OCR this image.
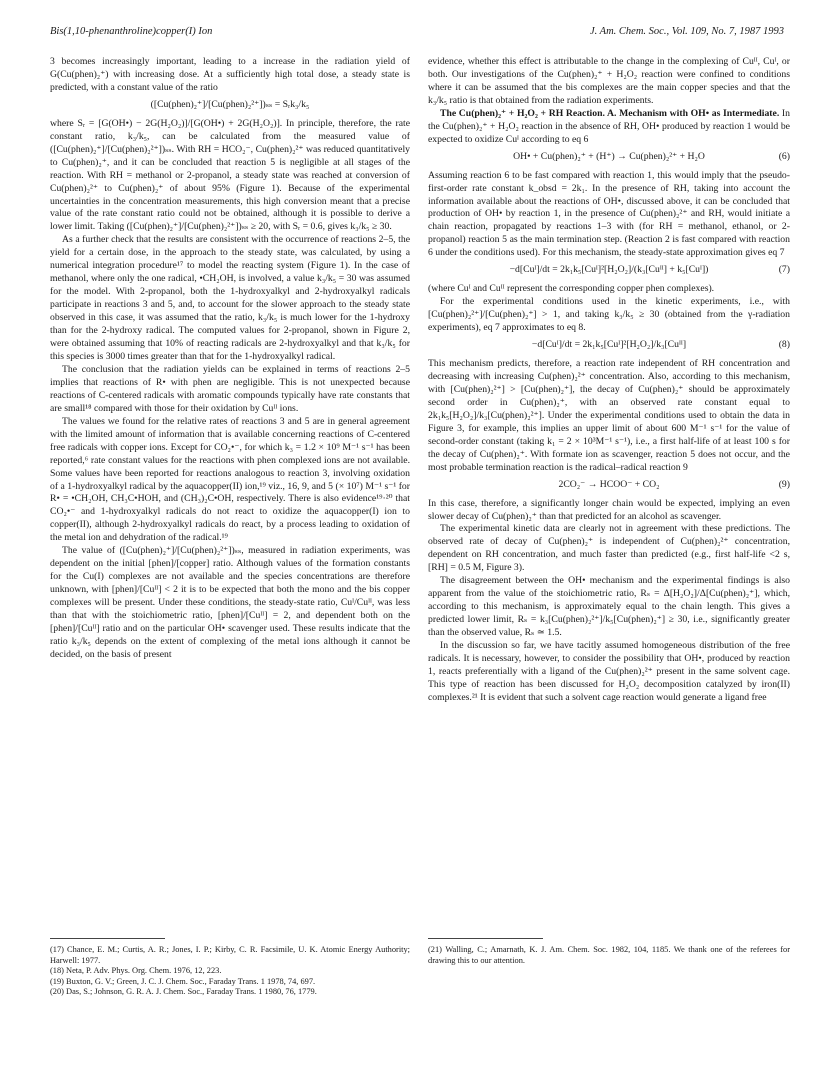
Bis(1,10-phenanthroline)copper(I) Ion	J. Am. Chem. Soc., Vol. 109, No. 7, 1987 1993

3 becomes increasingly important, leading to a increase in the radiation yield of G(Cu(phen)₂⁺) with increasing dose. At a sufficiently high total dose, a steady state is predicted, with a constant value of the ratio

([Cu(phen)₂⁺]/[Cu(phen)₂²⁺])ₛₛ = Sᵣk₃/k₅

where Sᵣ = [G(OH•) − 2G(H₂O₂)]/[G(OH•) + 2G(H₂O₂)]. In principle, therefore, the rate constant ratio, k₃/k₅, can be calculated from the measured value of ([Cu(phen)₂⁺]/[Cu(phen)₂²⁺])ₛₛ. With RH = HCO₂⁻, Cu(phen)₂²⁺ was reduced quantitatively to Cu(phen)₂⁺, and it can be concluded that reaction 5 is negligible at all stages of the reaction. With RH = methanol or 2-propanol, a steady state was reached at conversion of Cu(phen)₂²⁺ to Cu(phen)₂⁺ of about 95% (Figure 1). Because of the experimental uncertainties in the concentration measurements, this high conversion meant that a precise value of the rate constant ratio could not be obtained, although it is possible to derive a lower limit. Taking ([Cu(phen)₂⁺]/[Cu(phen)₂²⁺])ₛₛ ≥ 20, with Sᵣ = 0.6, gives k₃/k₅ ≥ 30.

As a further check that the results are consistent with the occurrence of reactions 2–5, the yield for a certain dose, in the approach to the steady state, was calculated, by using a numerical integration procedure¹⁷ to model the reacting system (Figure 1). In the case of methanol, where only the one radical, •CH₂OH, is involved, a value k₃/k₅ = 30 was assumed for the model. With 2-propanol, both the 1-hydroxyalkyl and 2-hydroxyalkyl radicals participate in reactions 3 and 5, and, to account for the slower approach to the steady state observed in this case, it was assumed that the ratio, k₃/k₅ is much lower for the 1-hydroxy than for the 2-hydroxy radical. The computed values for 2-propanol, shown in Figure 2, were obtained assuming that 10% of reacting radicals are 2-hydroxyalkyl and that k₃/k₅ for this species is 3000 times greater than that for the 1-hydroxyalkyl radical.

The conclusion that the radiation yields can be explained in terms of reactions 2–5 implies that reactions of R• with phen are negligible. This is not unexpected because reactions of C-centered radicals with aromatic compounds typically have rate constants that are small¹⁸ compared with those for their oxidation by Cuᴵᴵ ions.

The values we found for the relative rates of reactions 3 and 5 are in general agreement with the limited amount of information that is available concerning reactions of C-centered free radicals with copper ions. Except for CO₂•⁻, for which k₃ = 1.2 × 10⁹ M⁻¹ s⁻¹ has been reported,⁶ rate constant values for the reactions with phen complexed ions are not available. Some values have been reported for reactions analogous to reaction 3, involving oxidation of a 1-hydroxyalkyl radical by the aquacopper(II) ion,¹⁹ viz., 16, 9, and 5 (× 10⁷) M⁻¹ s⁻¹ for R• = •CH₂OH, CH₃C•HOH, and (CH₃)₂C•OH, respectively. There is also evidence¹⁹·²⁰ that CO₂•⁻ and 1-hydroxyalkyl radicals do not react to oxidize the aquacopper(I) ion to copper(II), although 2-hydroxyalkyl radicals do react, by a process leading to oxidation of the metal ion and dehydration of the radical.¹⁹

The value of ([Cu(phen)₂⁺]/[Cu(phen)₂²⁺])ₛₛ, measured in radiation experiments, was dependent on the initial [phen]/[copper] ratio. Although values of the formation constants for the Cu(I) complexes are not available and the species concentrations are therefore unknown, with [phen]/[Cuᴵᴵ] < 2 it is to be expected that both the mono and the bis copper complexes will be present. Under these conditions, the steady-state ratio, Cuᴵ/Cuᴵᴵ, was less than that with the stoichiometric ratio, [phen]/[Cuᴵᴵ] = 2, and dependent both on the [phen]/[Cuᴵᴵ] ratio and on the particular OH• scavenger used. These results indicate that the ratio k₃/k₅ depends on the extent of complexing of the metal ions although it cannot be decided, on the basis of present

(17) Chance, E. M.; Curtis, A. R.; Jones, I. P.; Kirby, C. R. Facsimile, U. K. Atomic Energy Authority; Harwell: 1977.

(18) Neta, P. Adv. Phys. Org. Chem. 1976, 12, 223.

(19) Buxton, G. V.; Green, J. C. J. Chem. Soc., Faraday Trans. 1 1978, 74, 697.

(20) Das, S.; Johnson, G. R. A. J. Chem. Soc., Faraday Trans. 1 1980, 76, 1779.

evidence, whether this effect is attributable to the change in the complexing of Cuᴵᴵ, Cuᴵ, or both. Our investigations of the Cu(phen)₂⁺ + H₂O₂ reaction were confined to conditions where it can be assumed that the bis complexes are the main copper species and that the k₃/k₅ ratio is that obtained from the radiation experiments.

The Cu(phen)₂⁺ + H₂O₂ + RH Reaction. A. Mechanism with OH• as Intermediate. In the Cu(phen)₂⁺ + H₂O₂ reaction in the absence of RH, OH• produced by reaction 1 would be expected to oxidize Cuᴵ according to eq 6

OH• + Cu(phen)₂⁺ + (H⁺) → Cu(phen)₂²⁺ + H₂O	(6)

Assuming reaction 6 to be fast compared with reaction 1, this would imply that the pseudo-first-order rate constant k_obsd = 2k₁. In the presence of RH, taking into account the information available about the reactions of OH•, discussed above, it can be concluded that production of OH• by reaction 1, in the presence of Cu(phen)₂²⁺ and RH, would initiate a chain reaction, propagated by reactions 1–3 with (for RH = methanol, ethanol, or 2-propanol) reaction 5 as the main termination step. (Reaction 2 is fast compared with reaction 6 under the conditions used). For this mechanism, the steady-state approximation gives eq 7

−d[Cuᴵ]/dt = 2k₁k₅[Cuᴵ]²[H₂O₂]/(k₃[Cuᴵᴵ] + k₅[Cuᴵ])	(7)

(where Cuᴵ and Cuᴵᴵ represent the corresponding copper phen complexes).

For the experimental conditions used in the kinetic experiments, i.e., with [Cu(phen)₂²⁺]/[Cu(phen)₂⁺] > 1, and taking k₃/k₅ ≥ 30 (obtained from the γ-radiation experiments), eq 7 approximates to eq 8.

−d[Cuᴵ]/dt = 2k₁k₅[Cuᴵ]²[H₂O₂]/k₃[Cuᴵᴵ]	(8)

This mechanism predicts, therefore, a reaction rate independent of RH concentration and decreasing with increasing Cu(phen)₂²⁺ concentration. Also, according to this mechanism, with [Cu(phen)₂²⁺] > [Cu(phen)₂⁺], the decay of Cu(phen)₂⁺ should be approximately second order in Cu(phen)₂⁺, with an observed rate constant equal to 2k₁k₅[H₂O₂]/k₃[Cu(phen)₂²⁺]. Under the experimental conditions used to obtain the data in Figure 3, for example, this implies an upper limit of about 600 M⁻¹ s⁻¹ for the value of second-order constant (taking k₁ = 2 × 10³M⁻¹ s⁻¹), i.e., a first half-life of at least 100 s for the decay of Cu(phen)₂⁺. With formate ion as scavenger, reaction 5 does not occur, and the most probable termination reaction is the radical–radical reaction 9

2CO₂⁻ → HCOO⁻ + CO₂	(9)

In this case, therefore, a significantly longer chain would be expected, implying an even slower decay of Cu(phen)₂⁺ than that predicted for an alcohol as scavenger.

The experimental kinetic data are clearly not in agreement with these predictions. The observed rate of decay of Cu(phen)₂⁺ is independent of Cu(phen)₂²⁺ concentration, dependent on RH concentration, and much faster than predicted (e.g., first half-life <2 s, [RH] = 0.5 M, Figure 3).

The disagreement between the OH• mechanism and the experimental findings is also apparent from the value of the stoichiometric ratio, Rₛ = Δ[H₂O₂]/Δ[Cu(phen)₂⁺], which, according to this mechanism, is approximately equal to the chain length. This gives a predicted lower limit, Rₛ = k₃[Cu(phen)₂²⁺]/k₅[Cu(phen)₂⁺] ≥ 30, i.e., significantly greater than the observed value, Rₛ ≃ 1.5.

In the discussion so far, we have tacitly assumed homogeneous distribution of the free radicals. It is necessary, however, to consider the possibility that OH•, produced by reaction 1, reacts preferentially with a ligand of the Cu(phen)₂²⁺ present in the same solvent cage. This type of reaction has been discussed for H₂O₂ decomposition catalyzed by iron(II) complexes.²¹ It is evident that such a solvent cage reaction would generate a ligand free

(21) Walling, C.; Amarnath, K. J. Am. Chem. Soc. 1982, 104, 1185. We thank one of the referees for drawing this to our attention.
